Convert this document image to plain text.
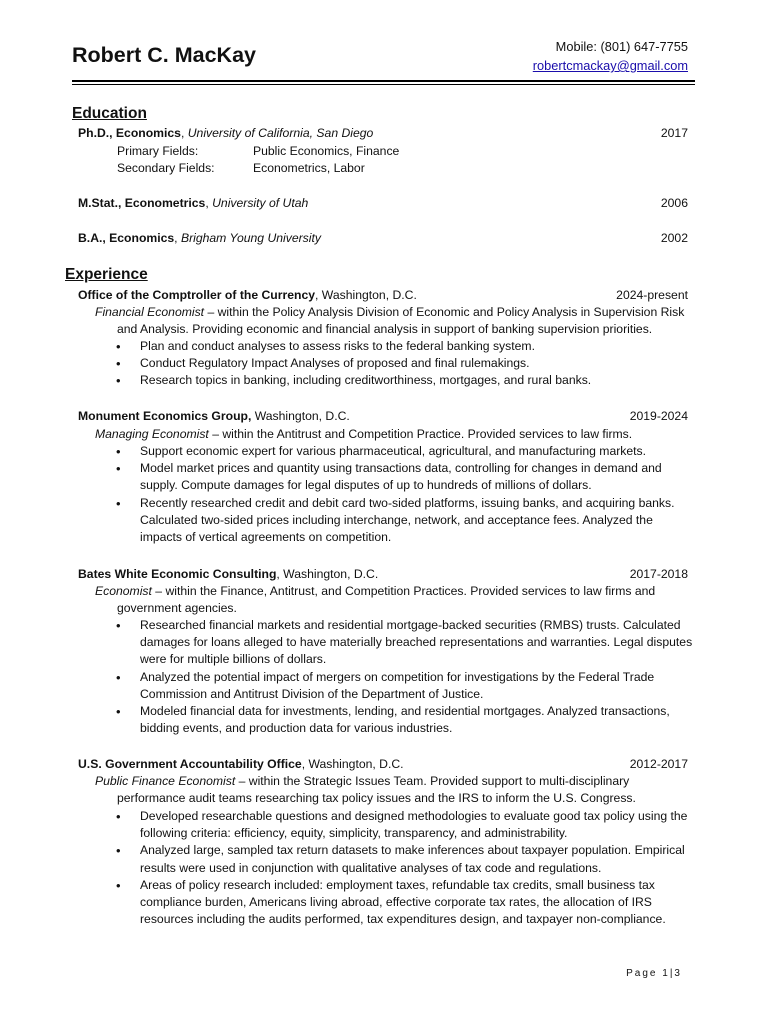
Robert C. MacKay	Mobile: (801) 647-7755
robertcmackay@gmail.com
Education
Ph.D., Economics, University of California, San Diego	2017
Primary Fields:	Public Economics, Finance
Secondary Fields:	Econometrics, Labor
M.Stat., Econometrics, University of Utah	2006
B.A., Economics, Brigham Young University	2002
Experience
Office of the Comptroller of the Currency, Washington, D.C.	2024-present
Financial Economist – within the Policy Analysis Division of Economic and Policy Analysis in Supervision Risk
and Analysis. Providing economic and financial analysis in support of banking supervision priorities.
• Plan and conduct analyses to assess risks to the federal banking system.
• Conduct Regulatory Impact Analyses of proposed and final rulemakings.
• Research topics in banking, including creditworthiness, mortgages, and rural banks.
Monument Economics Group, Washington, D.C.	2019-2024
Managing Economist – within the Antitrust and Competition Practice. Provided services to law firms.
• Support economic expert for various pharmaceutical, agricultural, and manufacturing markets.
• Model market prices and quantity using transactions data, controlling for changes in demand and supply. Compute damages for legal disputes of up to hundreds of millions of dollars.
• Recently researched credit and debit card two-sided platforms, issuing banks, and acquiring banks. Calculated two-sided prices including interchange, network, and acceptance fees. Analyzed the impacts of vertical agreements on competition.
Bates White Economic Consulting, Washington, D.C.	2017-2018
Economist – within the Finance, Antitrust, and Competition Practices. Provided services to law firms and
government agencies.
• Researched financial markets and residential mortgage-backed securities (RMBS) trusts. Calculated damages for loans alleged to have materially breached representations and warranties. Legal disputes were for multiple billions of dollars.
• Analyzed the potential impact of mergers on competition for investigations by the Federal Trade Commission and Antitrust Division of the Department of Justice.
• Modeled financial data for investments, lending, and residential mortgages. Analyzed transactions, bidding events, and production data for various industries.
U.S. Government Accountability Office, Washington, D.C.	2012-2017
Public Finance Economist – within the Strategic Issues Team. Provided support to multi-disciplinary
performance audit teams researching tax policy issues and the IRS to inform the U.S. Congress.
• Developed researchable questions and designed methodologies to evaluate good tax policy using the following criteria: efficiency, equity, simplicity, transparency, and administrability.
• Analyzed large, sampled tax return datasets to make inferences about taxpayer population. Empirical results were used in conjunction with qualitative analyses of tax code and regulations.
• Areas of policy research included: employment taxes, refundable tax credits, small business tax compliance burden, Americans living abroad, effective corporate tax rates, the allocation of IRS resources including the audits performed, tax expenditures design, and taxpayer non-compliance.
Page 1|3
